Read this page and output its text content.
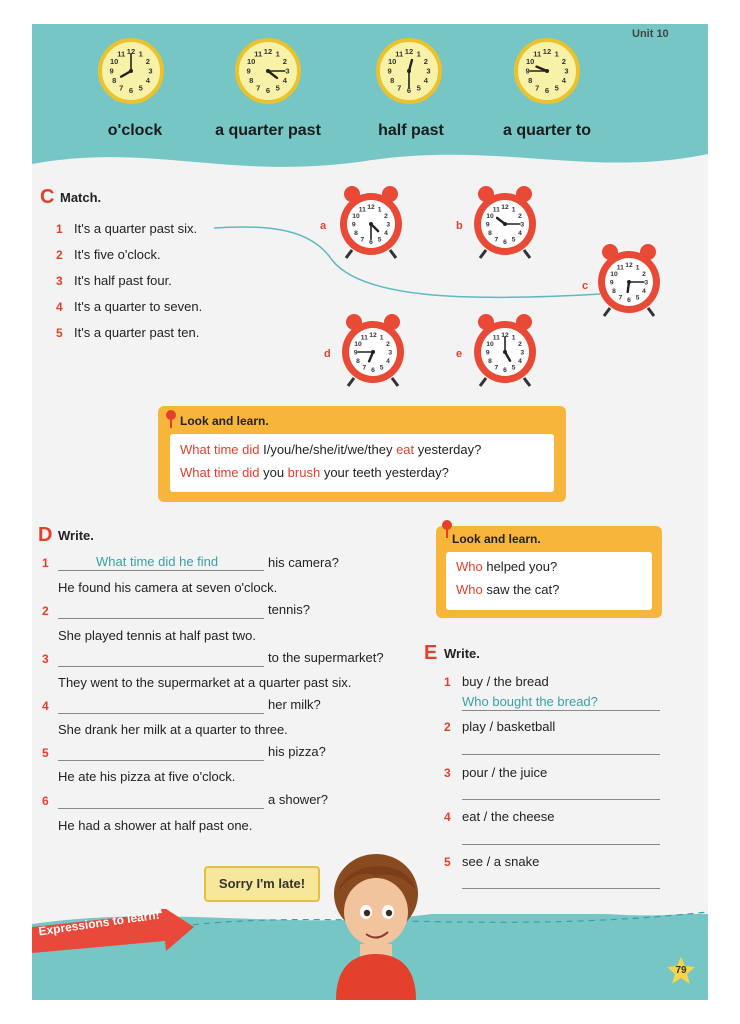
Unit 10
1
2
3
4
5
6
7
8
9
10
11 12	1
2
3
4
5
6
7
8
9
10
11 12	1
2
3
4
5
6
7
8
9
10
11 12	1
2
3
4
5
6
7
8
9
10
11 12
o'clock	a quarter past	half past	a quarter to
C Match.
1 It's a quarter past six.
2 It's five o'clock.
3 It's half past four.
4 It's a quarter to seven.
5 It's a quarter past ten.
a
1
2
3
4
5
6
7
8
9
10
11 12
b
1
2
3
4
5
6
7
8
9
10
11 12
c
1
2
3
4
5
6
7
8
9
10
11 12
d
1
2
3
4
5
6
7
8
9
10
11 12
e
1
2
3
4
5
6
7
8
9
10
11 12
Look and learn.
What time did I/you/he/she/it/we/they eat yesterday?
What time did you brush your teeth yesterday?
D Write.
1	What time did he find	his camera?
He found his camera at seven o'clock.
2	tennis?
She played tennis at half past two.
3	to the supermarket?
They went to the supermarket at a quarter past six.
4	her milk?
She drank her milk at a quarter to three.
5	his pizza?
He ate his pizza at five o'clock.
6	a shower?
He had a shower at half past one.
Look and learn.
Who helped you?
Who saw the cat?
E Write.
1 buy / the bread
Who bought the bread?
2 play / basketball
3 pour / the juice
4 eat / the cheese
5 see / a snake
Expressions to learn!
Sorry I'm late!
79
